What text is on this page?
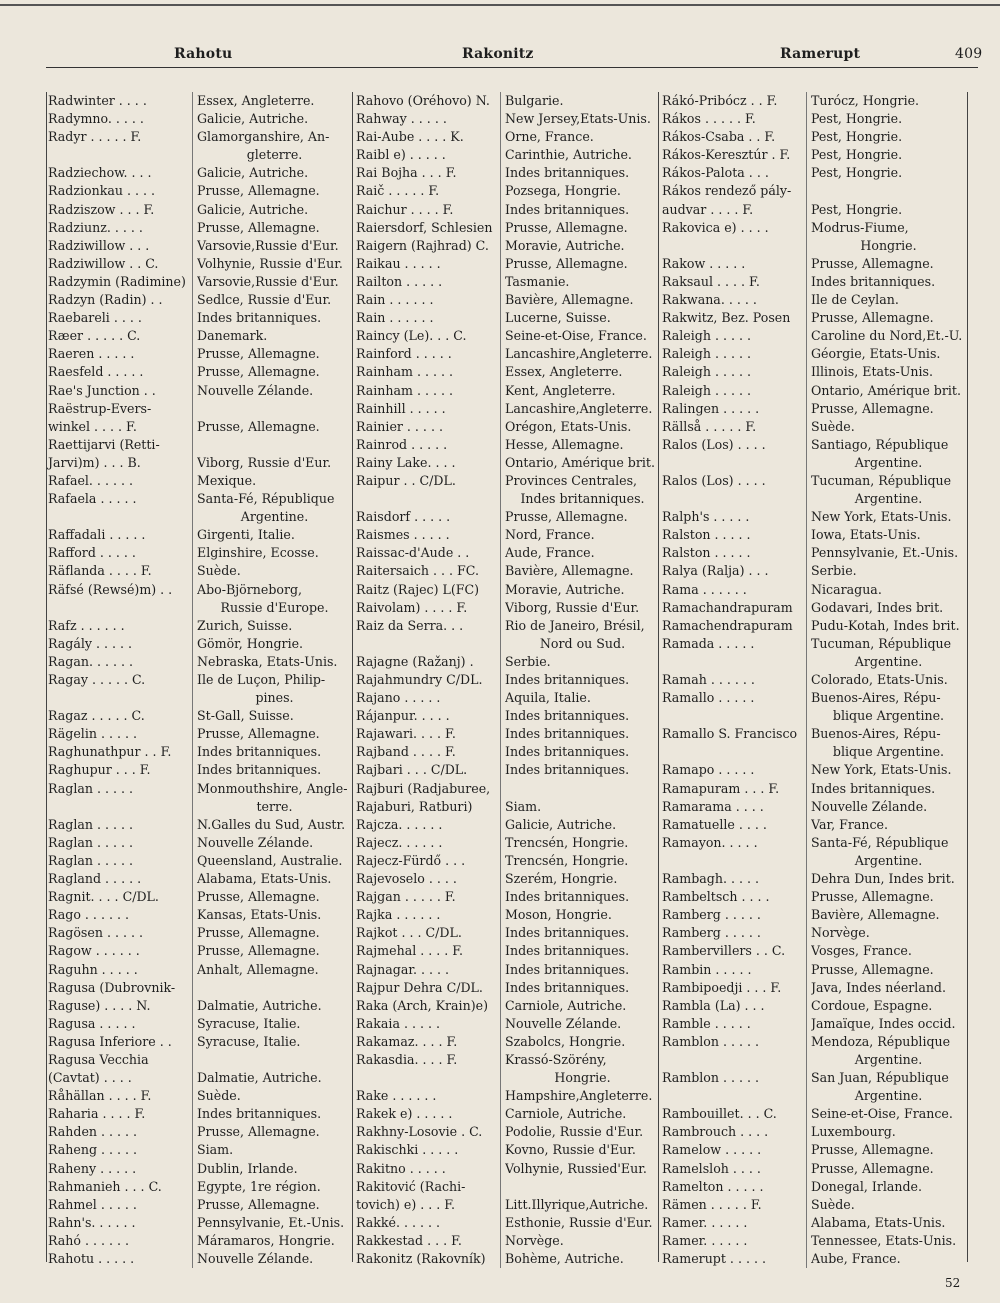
Rahotu	Rakonitz	Ramerupt	409
Radwinter . . . .	Essex, Angleterre.
Radymno. . . . .	Galicie, Autriche.
Radyr . . . . . F.	Glamorganshire, An-
gleterre.
Radziechow. . . .	Galicie, Autriche.
Radzionkau . . . .	Prusse, Allemagne.
Radziszow . . . F.	Galicie, Autriche.
Radziunz. . . . .	Prusse, Allemagne.
Radziwillow . . .	Varsovie,Russie d'Eur.
Radziwillow . . C.	Volhynie, Russie d'Eur.
Radzymin (Radimine) Varsovie,Russie d'Eur.
Radzyn (Radin) . .	Sedlce, Russie d'Eur.
Raebareli . . . .	Indes britanniques.
Ræer . . . . . C.	Danemark.
Raeren . . . . .	Prusse, Allemagne.
Raesfeld . . . . .	Prusse, Allemagne.
Rae's Junction . .	Nouvelle Zélande.
Raëstrup-Evers-
winkel . . . . F.	Prusse, Allemagne.
Raettijarvi (Retti-
Jarvi)m) . . . B.	Viborg, Russie d'Eur.
Rafael. . . . . .	Mexique.
Rafaela . . . . .	Santa-Fé, République
Argentine.
Raffadali . . . . .	Girgenti, Italie.
Rafford . . . . .	Elginshire, Ecosse.
Räflanda . . . . F.	Suède.
Räfsé (Rewsé)m) . .	Abo-Björneborg,
Russie d'Europe.
Rafz . . . . . .	Zurich, Suisse.
Ragály . . . . .	Gömör, Hongrie.
Ragan. . . . . .	Nebraska, Etats-Unis.
Ragay . . . . . C.	Ile de Luçon, Philip-
pines.
Ragaz . . . . . C.	St-Gall, Suisse.
Rägelin . . . . .	Prusse, Allemagne.
Raghunathpur . . F.	Indes britanniques.
Raghupur . . . F.	Indes britanniques.
Raglan . . . . .	Monmouthshire, Angle-
terre.
Raglan . . . . .	N.Galles du Sud, Austr.
Raglan . . . . .	Nouvelle Zélande.
Raglan . . . . .	Queensland, Australie.
Ragland . . . . .	Alabama, Etats-Unis.
Ragnit. . . . C/DL.	Prusse, Allemagne.
Rago . . . . . .	Kansas, Etats-Unis.
Ragösen . . . . .	Prusse, Allemagne.
Ragow . . . . . .	Prusse, Allemagne.
Raguhn . . . . .	Anhalt, Allemagne.
Ragusa (Dubrovnik-
Raguse) . . . . N.	Dalmatie, Autriche.
Ragusa . . . . .	Syracuse, Italie.
Ragusa Inferiore . .	Syracuse, Italie.
Ragusa Vecchia
(Cavtat) . . . .	Dalmatie, Autriche.
Råhällan . . . . F.	Suède.
Raharia . . . . F.	Indes britanniques.
Rahden . . . . .	Prusse, Allemagne.
Raheng . . . . .	Siam.
Raheny . . . . .	Dublin, Irlande.
Rahmanieh . . . C.	Egypte, 1re région.
Rahmel . . . . .	Prusse, Allemagne.
Rahn's. . . . . .	Pennsylvanie, Et.-Unis.
Rahó . . . . . .	Máramaros, Hongrie.
Rahotu . . . . .	Nouvelle Zélande.
Rahovo (Oréhovo) N.	Bulgarie.
Rahway . . . . .	New Jersey,Etats-Unis.
Rai-Aube . . . . K.	Orne, France.
Raibl e) . . . . .	Carinthie, Autriche.
Rai Bojha . . . F.	Indes britanniques.
Raič . . . . . F.	Pozsega, Hongrie.
Raichur . . . . F.	Indes britanniques.
Raiersdorf, Schlesien Prusse, Allemagne.
Raigern (Rajhrad) C.	Moravie, Autriche.
Raikau . . . . .	Prusse, Allemagne.
Railton . . . . .	Tasmanie.
Rain . . . . . .	Bavière, Allemagne.
Rain . . . . . .	Lucerne, Suisse.
Raincy (Le). . . C.	Seine-et-Oise, France.
Rainford . . . . .	Lancashire,Angleterre.
Rainham . . . . .	Essex, Angleterre.
Rainham . . . . .	Kent, Angleterre.
Rainhill . . . . .	Lancashire,Angleterre.
Rainier . . . . .	Orégon, Etats-Unis.
Rainrod . . . . .	Hesse, Allemagne.
Rainy Lake. . . .	Ontario, Amérique brit.
Raipur . . C/DL.	Provinces Centrales,
Indes britanniques.
Raisdorf . . . . .	Prusse, Allemagne.
Raismes . . . . .	Nord, France.
Raissac-d'Aude . .	Aude, France.
Raitersaich . . . FC.	Bavière, Allemagne.
Raitz (Rajec) L(FC)	Moravie, Autriche.
Raivolam) . . . . F.	Viborg, Russie d'Eur.
Raiz da Serra. . .	Rio de Janeiro, Brésil,
Nord ou Sud.
Rajagne (Ražanj) .	Serbie.
Rajahmundry C/DL.	Indes britanniques.
Rajano . . . . .	Aquila, Italie.
Rájanpur. . . . .	Indes britanniques.
Rajawari. . . . F.	Indes britanniques.
Rajband . . . . F.	Indes britanniques.
Rajbari . . . C/DL.	Indes britanniques.
Rajburi (Radjaburee,
Rajaburi, Ratburi)	Siam.
Rajcza. . . . . .	Galicie, Autriche.
Rajecz. . . . . .	Trencsén, Hongrie.
Rajecz-Fürdő . . .	Trencsén, Hongrie.
Rajevoselo . . . .	Szerém, Hongrie.
Rajgan . . . . . F.	Indes britanniques.
Rajka . . . . . .	Moson, Hongrie.
Rajkot . . . C/DL.	Indes britanniques.
Rajmehal . . . . F.	Indes britanniques.
Rajnagar. . . . .	Indes britanniques.
Rajpur Dehra C/DL.	Indes britanniques.
Raka (Arch, Krain)e)	Carniole, Autriche.
Rakaia . . . . .	Nouvelle Zélande.
Rakamaz. . . . F.	Szabolcs, Hongrie.
Rakasdia. . . . F.	Krassó-Szörény,
Hongrie.
Rake . . . . . .	Hampshire,Angleterre.
Rakek e) . . . . .	Carniole, Autriche.
Rakhny-Losovie . C.	Podolie, Russie d'Eur.
Rakischki . . . . .	Kovno, Russie d'Eur.
Rakitno . . . . .	Volhynie, Russied'Eur.
Rakitović (Rachi-
tovich) e) . . . F.	Litt.Illyrique,Autriche.
Rakké. . . . . .	Esthonie, Russie d'Eur.
Rakkestad . . . F.	Norvège.
Rakonitz (Rakovník)	Bohème, Autriche.
Rákó-Pribócz . . F.	Turócz, Hongrie.
Rákos . . . . . F.	Pest, Hongrie.
Rákos-Csaba . . F.	Pest, Hongrie.
Rákos-Keresztúr . F.	Pest, Hongrie.
Rákos-Palota . . .	Pest, Hongrie.
Rákos rendező pály-
audvar . . . . F.	Pest, Hongrie.
Rakovica e) . . . .	Modrus-Fiume,
Hongrie.
Rakow . . . . .	Prusse, Allemagne.
Raksaul . . . . F.	Indes britanniques.
Rakwana. . . . .	Ile de Ceylan.
Rakwitz, Bez. Posen	Prusse, Allemagne.
Raleigh . . . . .	Caroline du Nord,Et.-U.
Raleigh . . . . .	Géorgie, Etats-Unis.
Raleigh . . . . .	Illinois, Etats-Unis.
Raleigh . . . . .	Ontario, Amérique brit.
Ralingen . . . . .	Prusse, Allemagne.
Rällså . . . . . F.	Suède.
Ralos (Los) . . . .	Santiago, République
Argentine.
Ralos (Los) . . . .	Tucuman, République
Argentine.
Ralph's . . . . .	New York, Etats-Unis.
Ralston . . . . .	Iowa, Etats-Unis.
Ralston . . . . .	Pennsylvanie, Et.-Unis.
Ralya (Ralja) . . .	Serbie.
Rama . . . . . .	Nicaragua.
Ramachandrapuram	Godavari, Indes brit.
Ramachendrapuram	Pudu-Kotah, Indes brit.
Ramada . . . . .	Tucuman, République
Argentine.
Ramah . . . . . .	Colorado, Etats-Unis.
Ramallo . . . . .	Buenos-Aires, Répu-
blique Argentine.
Ramallo S. Francisco	Buenos-Aires, Répu-
blique Argentine.
Ramapo . . . . .	New York, Etats-Unis.
Ramapuram . . . F.	Indes britanniques.
Ramarama . . . .	Nouvelle Zélande.
Ramatuelle . . . .	Var, France.
Ramayon. . . . .	Santa-Fé, République
Argentine.
Rambagh. . . . .	Dehra Dun, Indes brit.
Rambeltsch . . . .	Prusse, Allemagne.
Ramberg . . . . .	Bavière, Allemagne.
Ramberg . . . . .	Norvège.
Rambervillers . . C.	Vosges, France.
Rambin . . . . .	Prusse, Allemagne.
Rambipoedji . . . F.	Java, Indes néerland.
Rambla (La) . . .	Cordoue, Espagne.
Ramble . . . . .	Jamaïque, Indes occid.
Ramblon . . . . .	Mendoza, République
Argentine.
Ramblon . . . . .	San Juan, République
Argentine.
Rambouillet. . . C.	Seine-et-Oise, France.
Rambrouch . . . .	Luxembourg.
Ramelow . . . . .	Prusse, Allemagne.
Ramelsloh . . . .	Prusse, Allemagne.
Ramelton . . . . .	Donegal, Irlande.
Rämen . . . . . F.	Suède.
Ramer. . . . . .	Alabama, Etats-Unis.
Ramer. . . . . .	Tennessee, Etats-Unis.
Ramerupt . . . . .	Aube, France.
52
